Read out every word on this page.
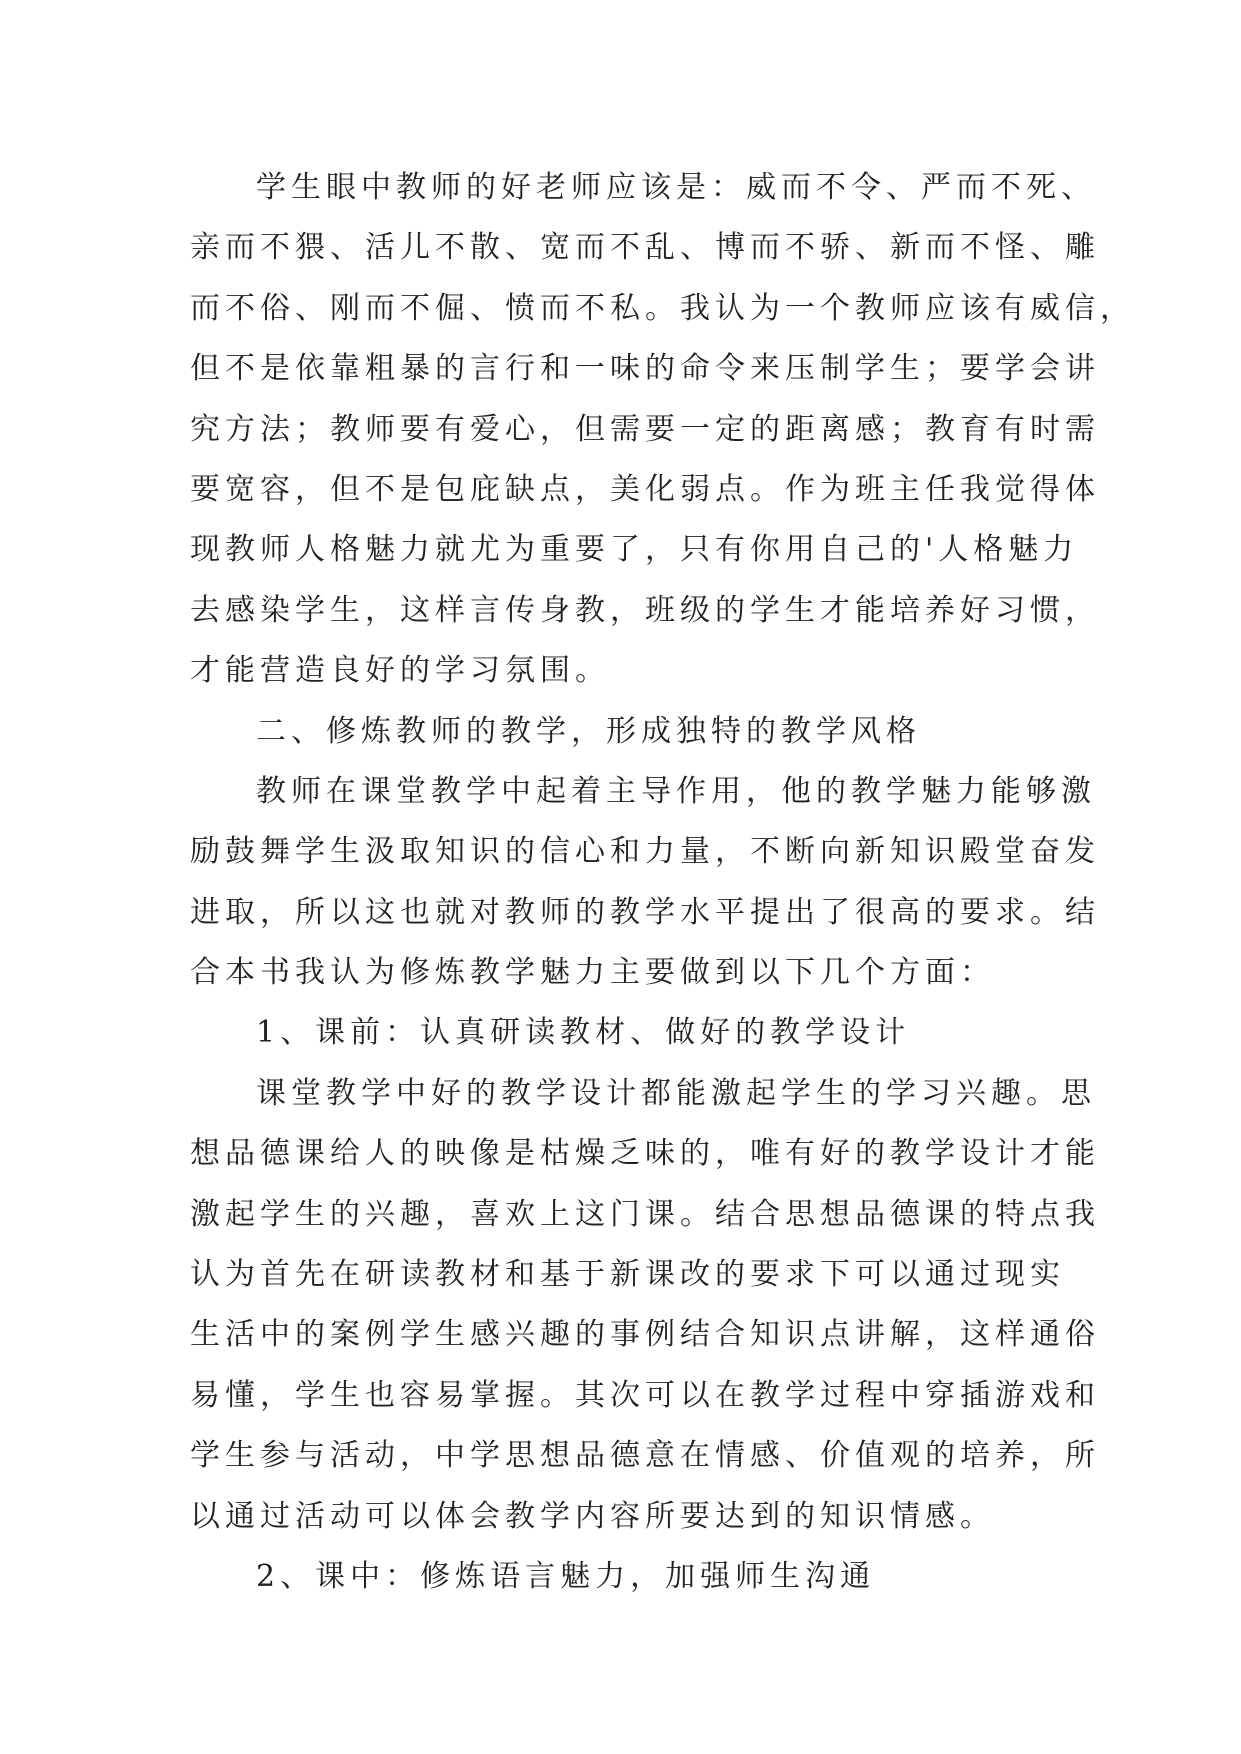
学生眼中教师的好老师应该是：威而不令、严而不死、
亲而不猥、活儿不散、宽而不乱、博而不骄、新而不怪、雕
而不俗、刚而不倔、愤而不私。我认为一个教师应该有威信，
但不是依靠粗暴的言行和一味的命令来压制学生；要学会讲
究方法；教师要有爱心，但需要一定的距离感；教育有时需
要宽容，但不是包庇缺点，美化弱点。作为班主任我觉得体
现教师人格魅力就尤为重要了，只有你用自己的'人格魅力
去感染学生，这样言传身教，班级的学生才能培养好习惯，
才能营造良好的学习氛围。
二、修炼教师的教学，形成独特的教学风格
教师在课堂教学中起着主导作用，他的教学魅力能够激
励鼓舞学生汲取知识的信心和力量，不断向新知识殿堂奋发
进取，所以这也就对教师的教学水平提出了很高的要求。结
合本书我认为修炼教学魅力主要做到以下几个方面：
1、课前：认真研读教材、做好的教学设计
课堂教学中好的教学设计都能激起学生的学习兴趣。思
想品德课给人的映像是枯燥乏味的，唯有好的教学设计才能
激起学生的兴趣，喜欢上这门课。结合思想品德课的特点我
认为首先在研读教材和基于新课改的要求下可以通过现实
生活中的案例学生感兴趣的事例结合知识点讲解，这样通俗
易懂，学生也容易掌握。其次可以在教学过程中穿插游戏和
学生参与活动，中学思想品德意在情感、价值观的培养，所
以通过活动可以体会教学内容所要达到的知识情感。
2、课中：修炼语言魅力，加强师生沟通
